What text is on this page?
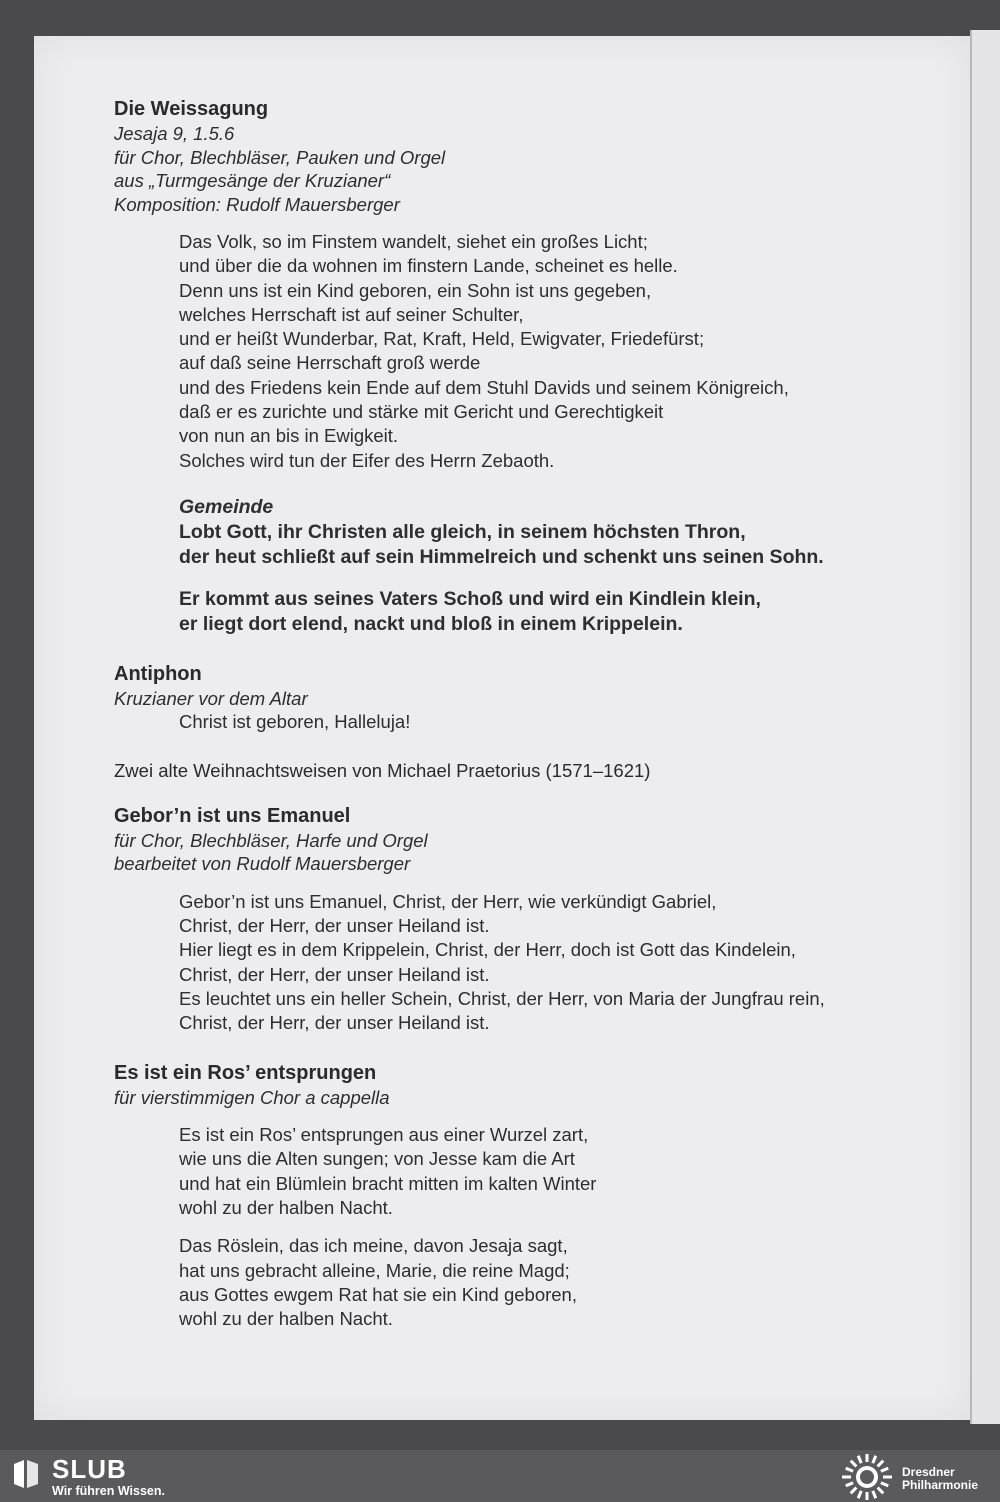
Die Weissagung

Jesaja 9, 1.5.6

für Chor, Blechbläser, Pauken und Orgel

aus „Turmgesänge der Kruzianer“

Komposition: Rudolf Mauersberger

Das Volk, so im Finstem wandelt, siehet ein großes Licht;

und über die da wohnen im finstern Lande, scheinet es helle.

Denn uns ist ein Kind geboren, ein Sohn ist uns gegeben,

welches Herrschaft ist auf seiner Schulter,

und er heißt Wunderbar, Rat, Kraft, Held, Ewigvater, Friedefürst;

auf daß seine Herrschaft groß werde

und des Friedens kein Ende auf dem Stuhl Davids und seinem Königreich,

daß er es zurichte und stärke mit Gericht und Gerechtigkeit

von nun an bis in Ewigkeit.

Solches wird tun der Eifer des Herrn Zebaoth.

Gemeinde

Lobt Gott, ihr Christen alle gleich, in seinem höchsten Thron,

der heut schließt auf sein Himmelreich und schenkt uns seinen Sohn.

Er kommt aus seines Vaters Schoß und wird ein Kindlein klein,

er liegt dort elend, nackt und bloß in einem Krippelein.

Antiphon

Kruzianer vor dem Altar

Christ ist geboren, Halleluja!

Zwei alte Weihnachtsweisen von Michael Praetorius (1571–1621)

Gebor’n ist uns Emanuel

für Chor, Blechbläser, Harfe und Orgel

bearbeitet von Rudolf Mauersberger

Gebor’n ist uns Emanuel, Christ, der Herr, wie verkündigt Gabriel,

Christ, der Herr, der unser Heiland ist.

Hier liegt es in dem Krippelein, Christ, der Herr, doch ist Gott das Kindelein,

Christ, der Herr, der unser Heiland ist.

Es leuchtet uns ein heller Schein, Christ, der Herr, von Maria der Jungfrau rein,

Christ, der Herr, der unser Heiland ist.

Es ist ein Ros’ entsprungen

für vierstimmigen Chor a cappella

Es ist ein Ros’ entsprungen aus einer Wurzel zart,

wie uns die Alten sungen; von Jesse kam die Art

und hat ein Blümlein bracht mitten im kalten Winter

wohl zu der halben Nacht.

Das Röslein, das ich meine, davon Jesaja sagt,

hat uns gebracht alleine, Marie, die reine Magd;

aus Gottes ewgem Rat hat sie ein Kind geboren,

wohl zu der halben Nacht.

SLUB
Wir führen Wissen.
Dresdner
Philharmonie
